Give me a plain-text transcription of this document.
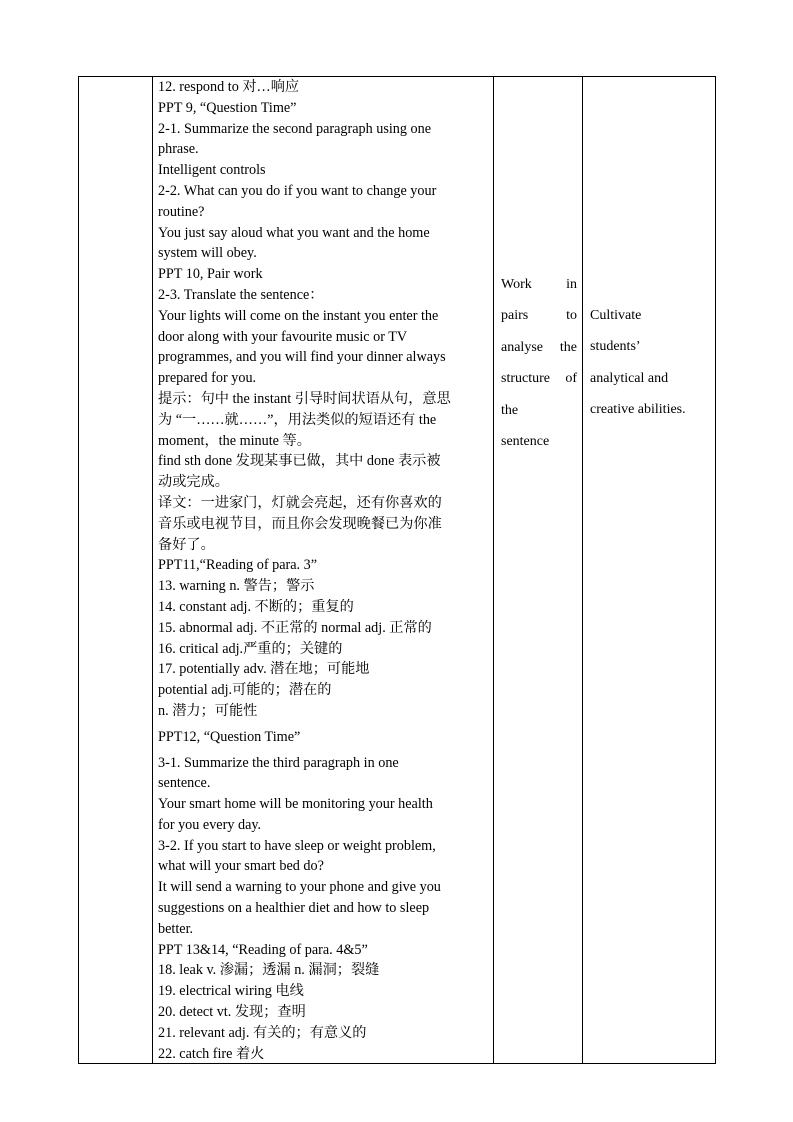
12. respond to 对…响应

PPT 9, “Question Time”

2-1. Summarize the second paragraph using one

phrase.

Intelligent controls

2-2. What can you do if you want to change your

routine?

You just say aloud what you want and the home

system will obey.

PPT 10, Pair work

2-3. Translate the sentence：

Your lights will come on the instant you enter the

door along with your favourite music or TV

programmes, and you will find your dinner always

prepared for you.

提示：句中 the instant 引导时间状语从句，意思

为 “一……就……”，用法类似的短语还有 the

moment，the minute 等。

find sth done 发现某事已做，其中 done 表示被

动或完成。

译文：一进家门，灯就会亮起，还有你喜欢的

音乐或电视节目，而且你会发现晚餐已为你准

备好了。

PPT11,“Reading of para. 3”

13. warning n. 警告；警示

14. constant adj. 不断的；重复的

15. abnormal adj. 不正常的 normal adj. 正常的

16. critical adj.严重的；关键的

17. potentially adv. 潜在地；可能地

potential adj.可能的；潜在的

n. 潜力；可能性

PPT12, “Question Time”

3-1. Summarize the third paragraph in one

sentence.

Your smart home will be monitoring your health

for you every day.

3-2. If you start to have sleep or weight problem,

what will your smart bed do?

It will send a warning to your phone and give you

suggestions on a healthier diet and how to sleep

better.

PPT 13&14, “Reading of para. 4&5”

18. leak v. 渗漏；透漏 n. 漏洞；裂缝

19. electrical wiring 电线

20. detect vt. 发现；查明

21. relevant adj. 有关的；有意义的

22. catch fire 着火

Work in
pairs	to
analyse the
structure of
the
sentence
Cultivate
students’
analytical and
creative abilities.
